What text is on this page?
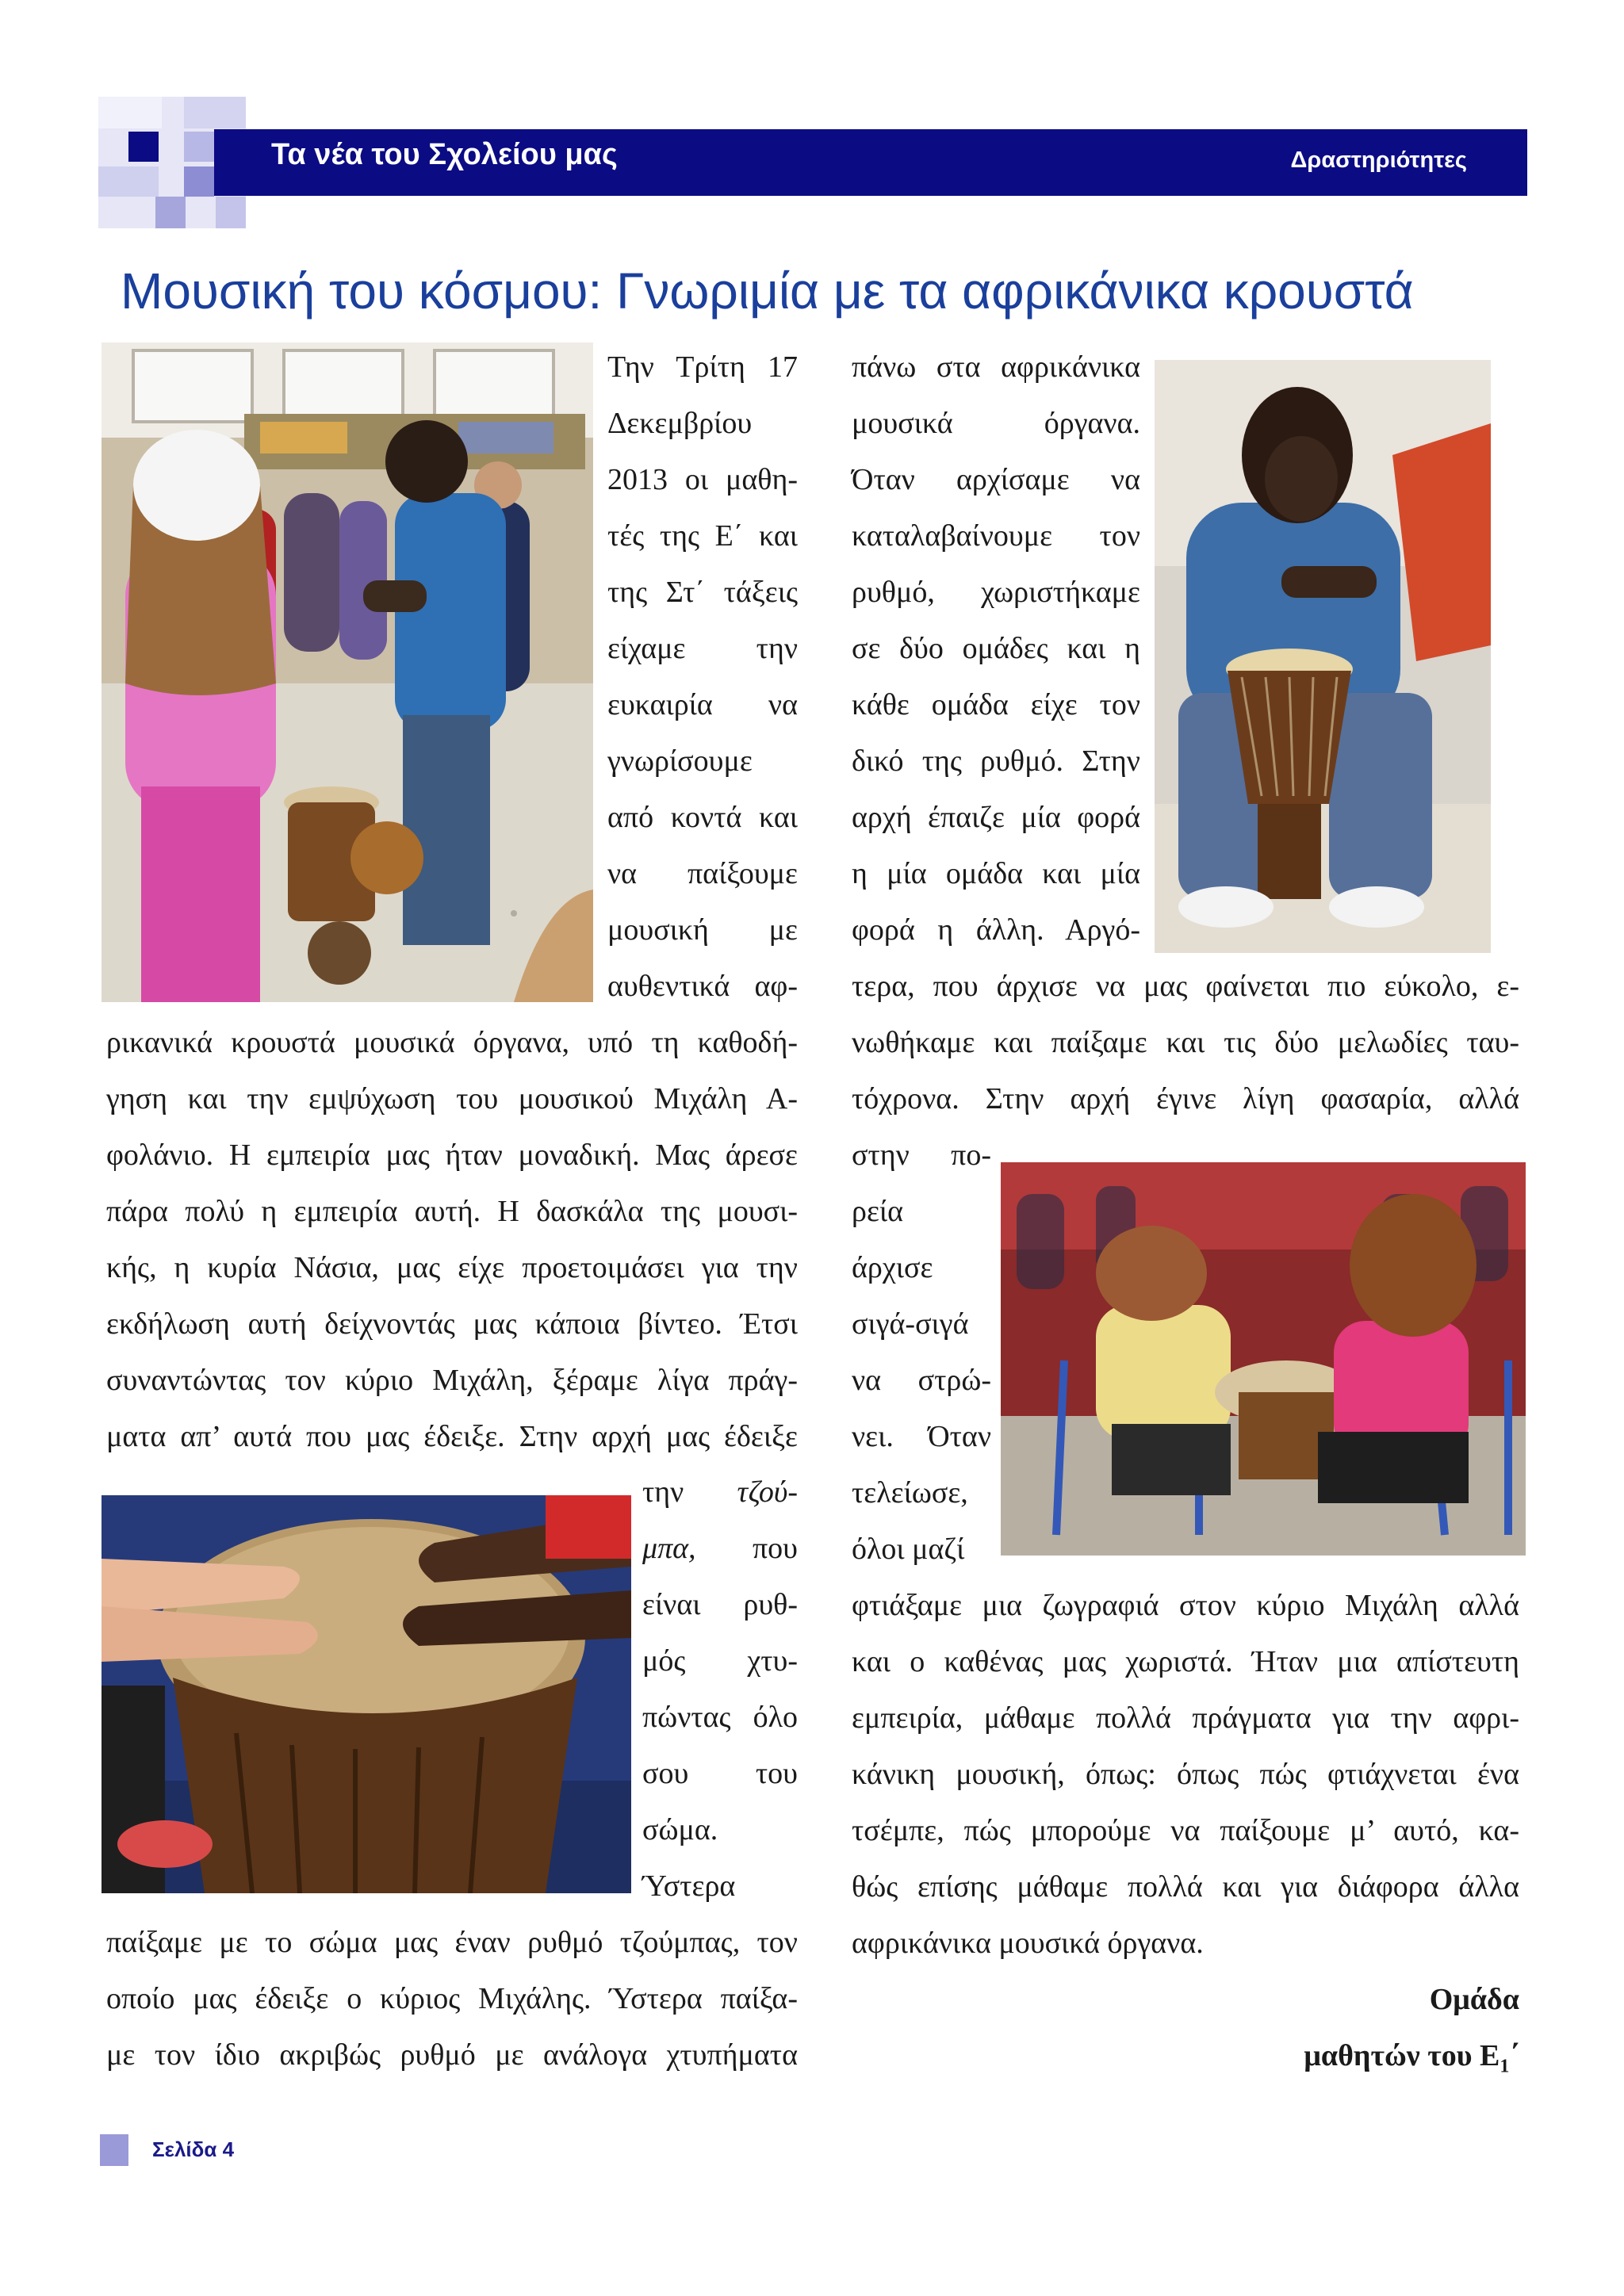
Τα νέα του Σχολείου μας	Δραστηριότητες
Μουσική του κόσμου: Γνωριμία με τα αφρικάνικα κρουστά
Την Τρίτη 17
Δεκεμβρίου
2013 οι μαθη-
τές της Ε΄ και
της Στ΄ τάξεις
είχαμε την
ευκαιρία να
γνωρίσουμε
από κοντά και
να παίξουμε
μουσική με
αυθεντικά αφ-
ρικανικά κρουστά μουσικά όργανα, υπό τη καθοδή-
γηση και την εμψύχωση του μουσικού Μιχάλη Α-
φολάνιο. Η εμπειρία μας ήταν μοναδική. Μας άρεσε
πάρα πολύ η εμπειρία αυτή. Η δασκάλα της μουσι-
κής, η κυρία Νάσια, μας είχε προετοιμάσει για την
εκδήλωση αυτή δείχνοντάς μας κάποια βίντεο. Έτσι
συναντώντας τον κύριο Μιχάλη, ξέραμε λίγα πράγ-
ματα απ’ αυτά που μας έδειξε. Στην αρχή μας έδειξε
την τζού-
μπα, που
είναι ρυθ-
μός χτυ-
πώντας όλο
σου του
σώμα.
Ύστερα
παίξαμε με το σώμα μας έναν ρυθμό τζούμπας, τον
οποίο μας έδειξε ο κύριος Μιχάλης. Ύστερα παίξα-
με τον ίδιο ακριβώς ρυθμό με ανάλογα χτυπήματα
πάνω στα αφρικάνικα
μουσικά όργανα.
Όταν αρχίσαμε να
καταλαβαίνουμε τον
ρυθμό, χωριστήκαμε
σε δύο ομάδες και η
κάθε ομάδα είχε τον
δικό της ρυθμό. Στην
αρχή έπαιζε μία φορά
η μία ομάδα και μία
φορά η άλλη. Αργό-
τερα, που άρχισε να μας φαίνεται πιο εύκολο, ε-
νωθήκαμε και παίξαμε και τις δύο μελωδίες ταυ-
τόχρονα. Στην αρχή έγινε λίγη φασαρία, αλλά
στην πο-
ρεία
άρχισε
σιγά-σιγά
να στρώ-
νει. Όταν
τελείωσε,
όλοι μαζί
φτιάξαμε μια ζωγραφιά στον κύριο Μιχάλη αλλά
και ο καθένας μας χωριστά. Ήταν μια απίστευτη
εμπειρία, μάθαμε πολλά πράγματα για την αφρι-
κάνικη μουσική, όπως: όπως πώς φτιάχνεται ένα
τσέμπε, πώς μπορούμε να παίξουμε μ’ αυτό, κα-
θώς επίσης μάθαμε πολλά και για διάφορα άλλα
αφρικάνικα μουσικά όργανα.
Ομάδα
μαθητών του $E_1΄$
Σελίδα 4
